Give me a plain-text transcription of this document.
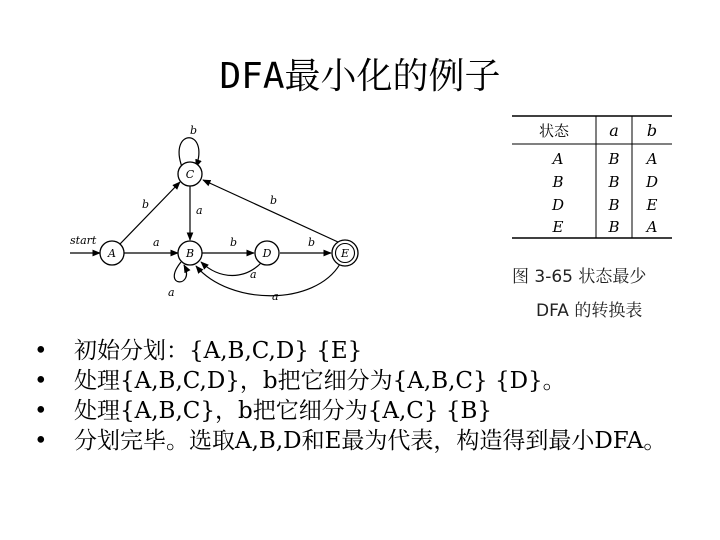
DFA最小化的例子
start	a
b
a
b
b
a
a
b
b
a
A	B
C
D	E
状态	a b
A	B A
B	B D
D	B E
E	B A
图 3-65 状态最少
DFA 的转换表
• 初始分划：{A,B,C,D} {E}
• 处理{A,B,C,D}，b把它细分为{A,B,C} {D}。
• 处理{A,B,C}，b把它细分为{A,C} {B}
• 分划完毕。选取A,B,D和E最为代表，构造得到最小DFA。
